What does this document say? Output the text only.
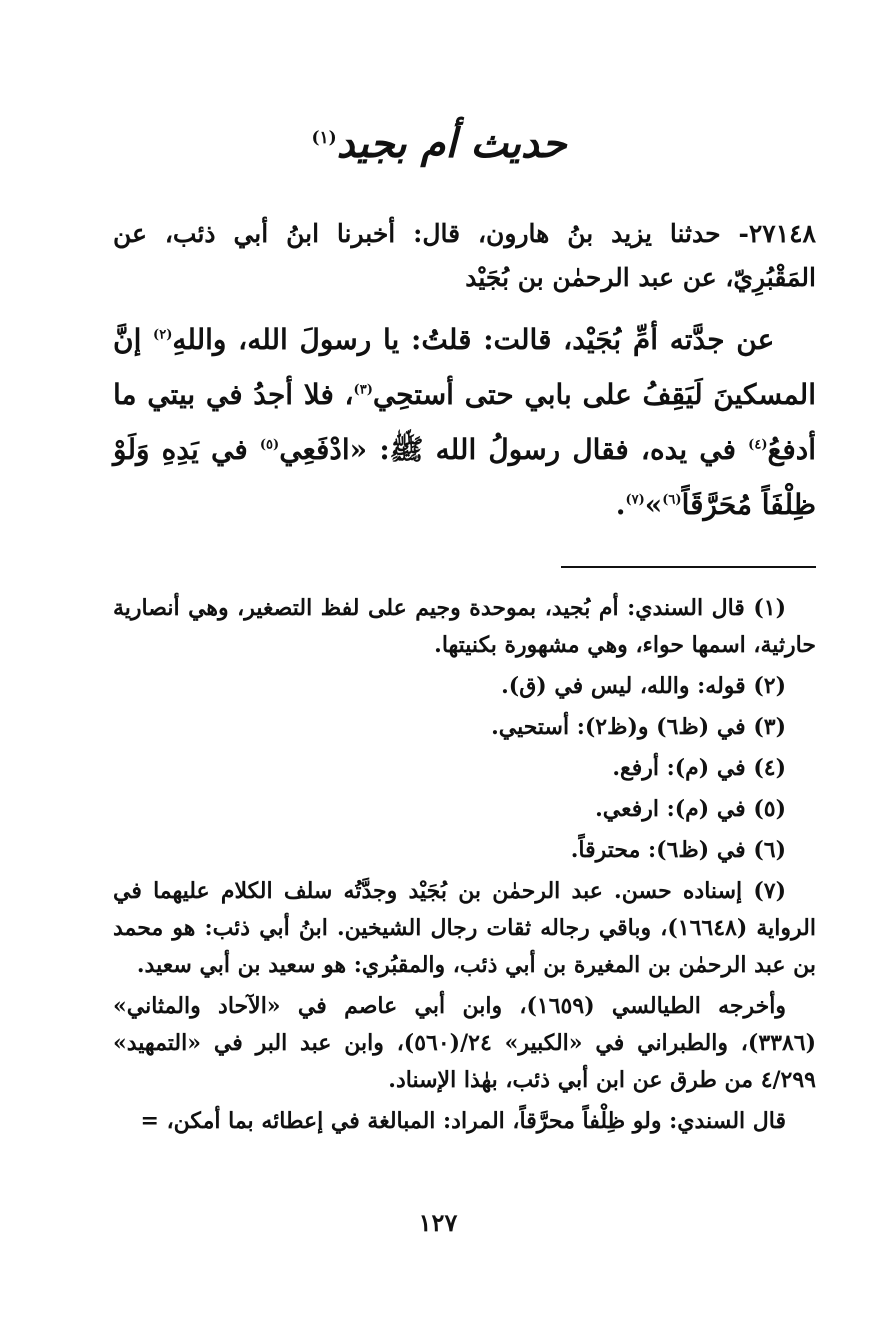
حديث أم بجيد$^{(١)}$
٢٧١٤٨- حدثنا يزيد بنُ هارون، قال: أخبرنا ابنُ أبي ذئب، عن المَقْبُرِيّ، عن عبد الرحمٰن بن بُجَيْد
عن جدَّته أمِّ بُجَيْد، قالت: قلتُ: يا رسولَ الله، واللهِ$^{(٢)}$ إنَّ المسكينَ لَيَقِفُ على بابي حتى أستحِي$^{(٣)}$، فلا أجدُ في بيتي ما أدفعُ$^{(٤)}$ في يده، فقال رسولُ الله ﷺ: «ادْفَعِي$^{(٥)}$ في يَدِهِ وَلَوْ ظِلْفَاً مُحَرَّقَاً$^{(٦)}$»$^{(٧)}$.

(١) قال السندي: أم بُجيد، بموحدة وجيم على لفظ التصغير، وهي أنصارية حارثية، اسمها حواء، وهي مشهورة بكنيتها.

(٢) قوله: والله، ليس في (ق).

(٣) في (ظ٦) و(ظ٢): أستحيي.

(٤) في (م): أرفع.

(٥) في (م): ارفعي.

(٦) في (ظ٦): محترقاً.

(٧) إسناده حسن. عبد الرحمٰن بن بُجَيْد وجدَّتُه سلف الكلام عليهما في الرواية (١٦٦٤٨)، وباقي رجاله ثقات رجال الشيخين. ابنُ أبي ذئب: هو محمد بن عبد الرحمٰن بن المغيرة بن أبي ذئب، والمقبُري: هو سعيد بن أبي سعيد.

وأخرجه الطيالسي (١٦٥٩)، وابن أبي عاصم في «الآحاد والمثاني» (٣٣٨٦)، والطبراني في «الكبير» ٢٤/(٥٦٠)، وابن عبد البر في «التمهيد» ٤/٢٩٩ من طرق عن ابن أبي ذئب، بهٰذا الإسناد.

قال السندي: ولو ظِلْفاً محرَّقاً، المراد: المبالغة في إعطائه بما أمكن، =

١٢٧
